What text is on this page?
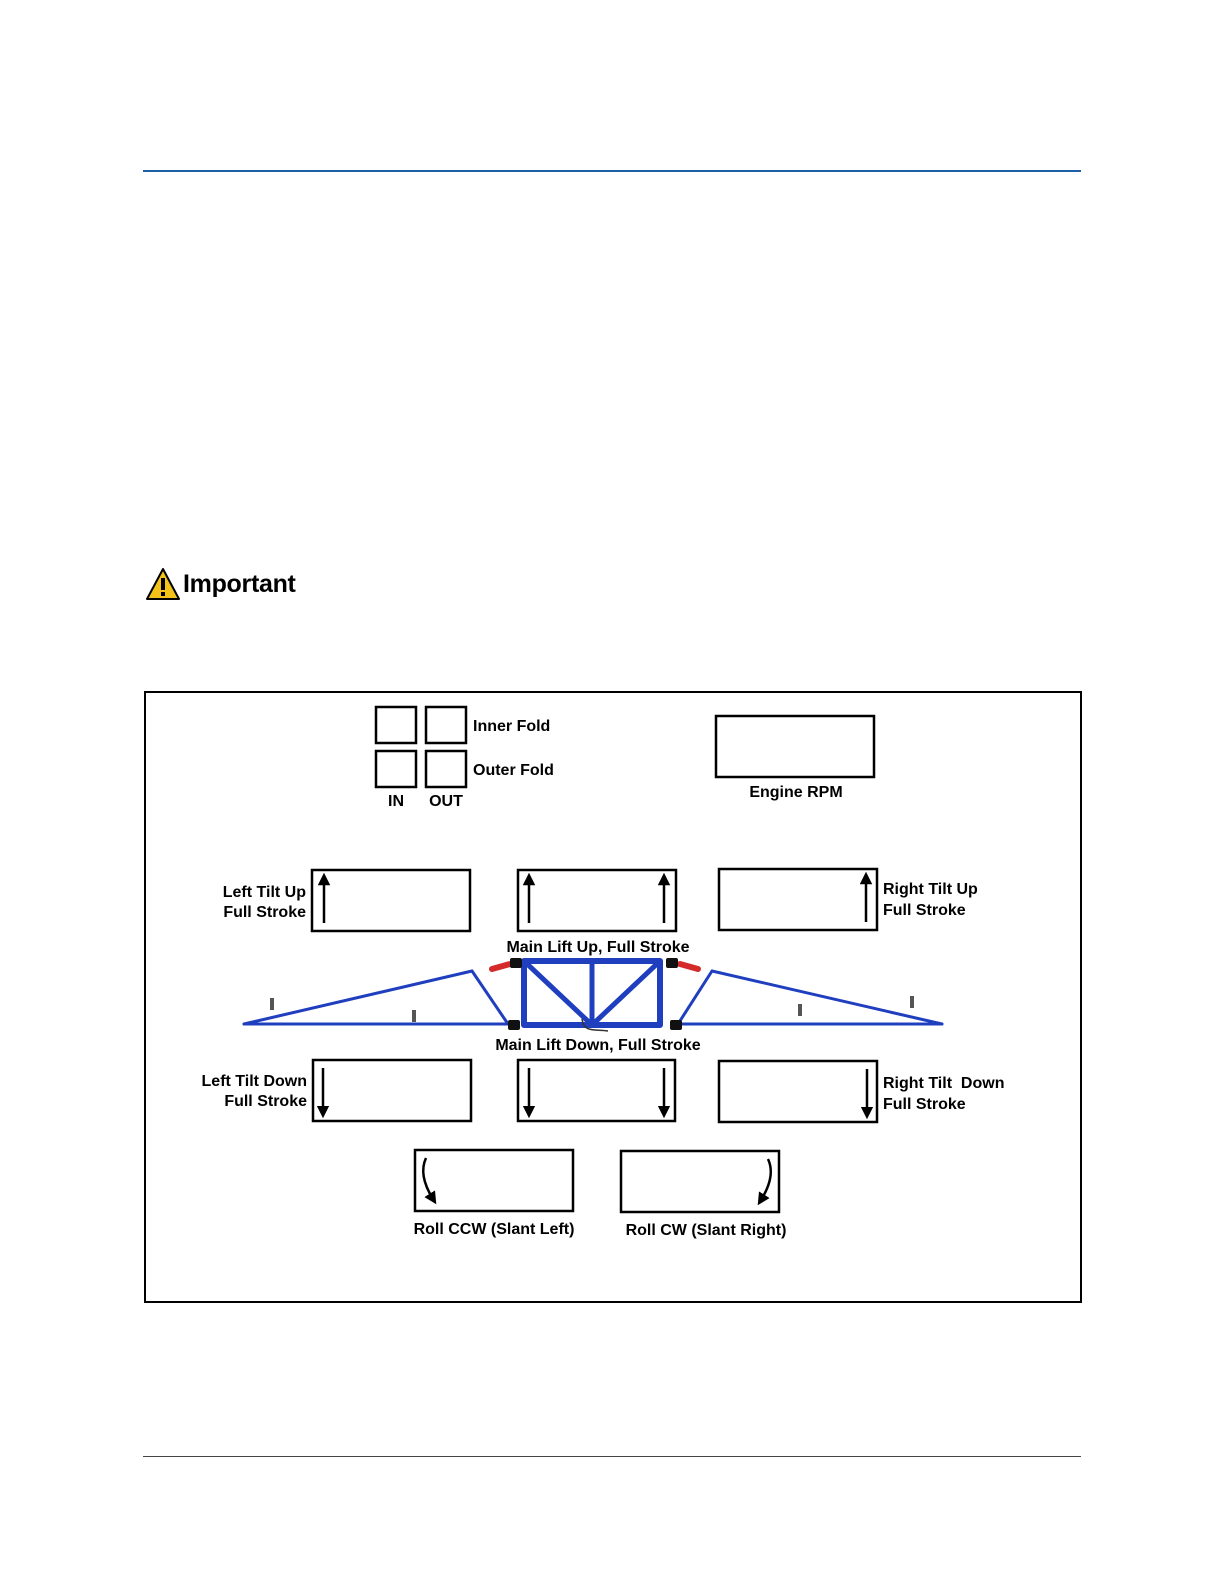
Important
Inner Fold
Outer Fold
IN OUT
Engine RPM
Left Tilt Up
Full Stroke
Main Lift Up, Full Stroke
Right Tilt Up
Full Stroke
Main Lift Down, Full Stroke
Left Tilt Down
Full Stroke
Right Tilt  Down
Full Stroke
Roll CCW (Slant Left)	Roll CW (Slant Right)
